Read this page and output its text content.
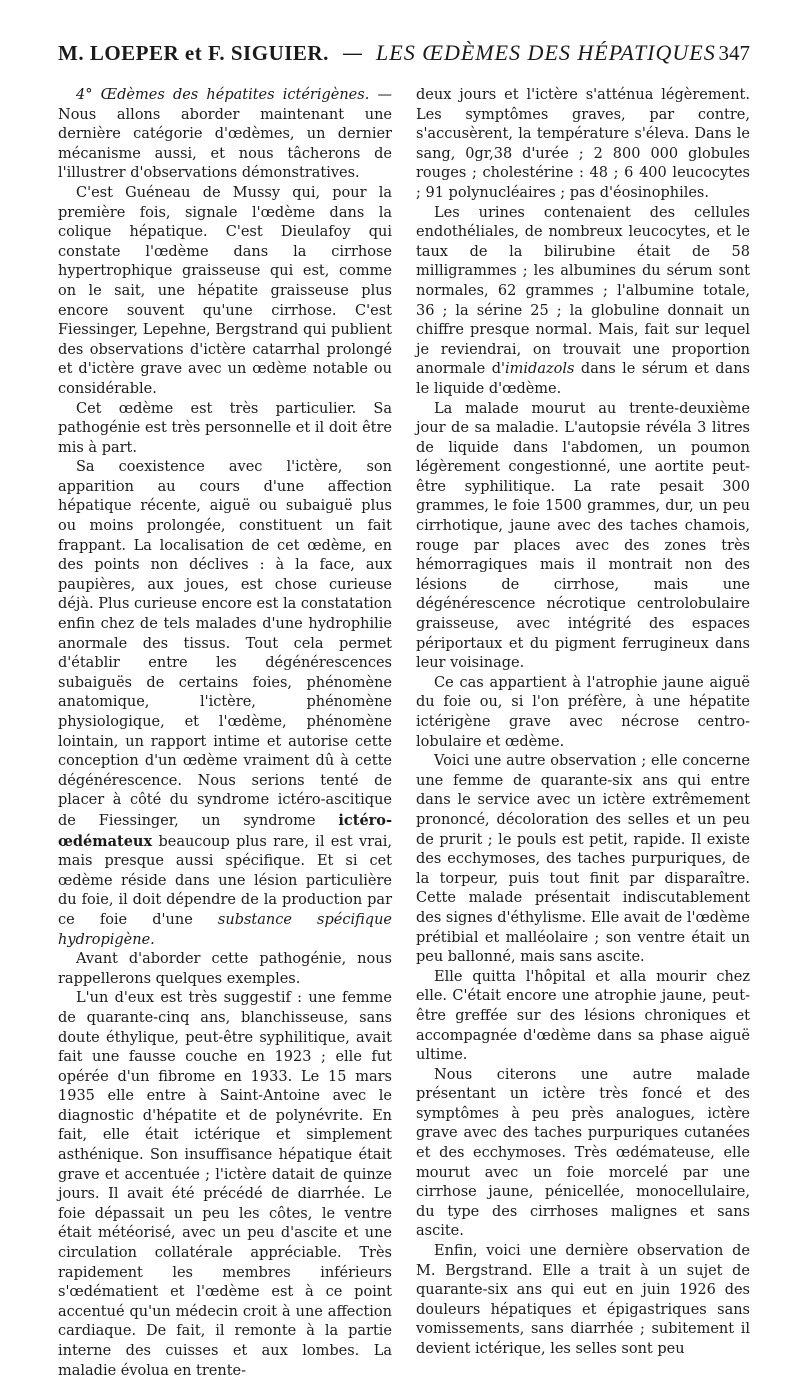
M. LOEPER et F. SIGUIER. — LES ŒDÈMES DES HÉPATIQUES 347

4° Œdèmes des hépatites ictérigènes. — Nous allons aborder maintenant une dernière catégorie d'œdèmes, un dernier mécanisme aussi, et nous tâcherons de l'illustrer d'observations démonstratives.

C'est Guéneau de Mussy qui, pour la première fois, signale l'œdème dans la colique hépatique. C'est Dieulafoy qui constate l'œdème dans la cirrhose hypertrophique graisseuse qui est, comme on le sait, une hépatite graisseuse plus encore souvent qu'une cirrhose. C'est Fiessinger, Lepehne, Bergstrand qui publient des observations d'ictère catarrhal prolongé et d'ictère grave avec un œdème notable ou considérable.

Cet œdème est très particulier. Sa pathogénie est très personnelle et il doit être mis à part.

Sa coexistence avec l'ictère, son apparition au cours d'une affection hépatique récente, aiguë ou subaiguë plus ou moins prolongée, constituent un fait frappant. La localisation de cet œdème, en des points non déclives : à la face, aux paupières, aux joues, est chose curieuse déjà. Plus curieuse encore est la constatation enfin chez de tels malades d'une hydrophilie anormale des tissus. Tout cela permet d'établir entre les dégénérescences subaiguës de certains foies, phénomène anatomique, l'ictère, phénomène physiologique, et l'œdème, phénomène lointain, un rapport intime et autorise cette conception d'un œdème vraiment dû à cette dégénérescence. Nous serions tenté de placer à côté du syndrome ictéro-ascitique de Fiessinger, un syndrome ictéro-œdémateux beaucoup plus rare, il est vrai, mais presque aussi spécifique. Et si cet œdème réside dans une lésion particulière du foie, il doit dépendre de la production par ce foie d'une substance spécifique hydropigène.

Avant d'aborder cette pathogénie, nous rappellerons quelques exemples.

L'un d'eux est très suggestif : une femme de quarante-cinq ans, blanchisseuse, sans doute éthylique, peut-être syphilitique, avait fait une fausse couche en 1923 ; elle fut opérée d'un fibrome en 1933. Le 15 mars 1935 elle entre à Saint-Antoine avec le diagnostic d'hépatite et de polynévrite. En fait, elle était ictérique et simplement asthénique. Son insuffisance hépatique était grave et accentuée ; l'ictère datait de quinze jours. Il avait été précédé de diarrhée. Le foie dépassait un peu les côtes, le ventre était météorisé, avec un peu d'ascite et une circulation collatérale appréciable. Très rapidement les membres inférieurs s'œdématient et l'œdème est à ce point accentué qu'un médecin croit à une affection cardiaque. De fait, il remonte à la partie interne des cuisses et aux lombes. La maladie évolua en trente-

deux jours et l'ictère s'atténua légèrement. Les symptômes graves, par contre, s'accusèrent, la température s'éleva. Dans le sang, 0gr,38 d'urée ; 2 800 000 globules rouges ; cholestérine : 48 ; 6 400 leucocytes ; 91 polynucléaires ; pas d'éosinophiles.

Les urines contenaient des cellules endothéliales, de nombreux leucocytes, et le taux de la bilirubine était de 58 milligrammes ; les albumines du sérum sont normales, 62 grammes ; l'albumine totale, 36 ; la sérine 25 ; la globuline donnait un chiffre presque normal. Mais, fait sur lequel je reviendrai, on trouvait une proportion anormale d'imidazols dans le sérum et dans le liquide d'œdème.

La malade mourut au trente-deuxième jour de sa maladie. L'autopsie révéla 3 litres de liquide dans l'abdomen, un poumon légèrement congestionné, une aortite peut-être syphilitique. La rate pesait 300 grammes, le foie 1500 grammes, dur, un peu cirrhotique, jaune avec des taches chamois, rouge par places avec des zones très hémorragiques mais il montrait non des lésions de cirrhose, mais une dégénérescence nécrotique centrolobulaire graisseuse, avec intégrité des espaces périportaux et du pigment ferrugineux dans leur voisinage.

Ce cas appartient à l'atrophie jaune aiguë du foie ou, si l'on préfère, à une hépatite ictérigène grave avec nécrose centro-lobulaire et œdème.

Voici une autre observation ; elle concerne une femme de quarante-six ans qui entre dans le service avec un ictère extrêmement prononcé, décoloration des selles et un peu de prurit ; le pouls est petit, rapide. Il existe des ecchymoses, des taches purpuriques, de la torpeur, puis tout finit par disparaître. Cette malade présentait indiscutablement des signes d'éthylisme. Elle avait de l'œdème prétibial et malléolaire ; son ventre était un peu ballonné, mais sans ascite.

Elle quitta l'hôpital et alla mourir chez elle. C'était encore une atrophie jaune, peut-être greffée sur des lésions chroniques et accompagnée d'œdème dans sa phase aiguë ultime.

Nous citerons une autre malade présentant un ictère très foncé et des symptômes à peu près analogues, ictère grave avec des taches purpuriques cutanées et des ecchymoses. Très œdémateuse, elle mourut avec un foie morcelé par une cirrhose jaune, pénicellée, monocellulaire, du type des cirrhoses malignes et sans ascite.

Enfin, voici une dernière observation de M. Bergstrand. Elle a trait à un sujet de quarante-six ans qui eut en juin 1926 des douleurs hépatiques et épigastriques sans vomissements, sans diarrhée ; subitement il devient ictérique, les selles sont peu
